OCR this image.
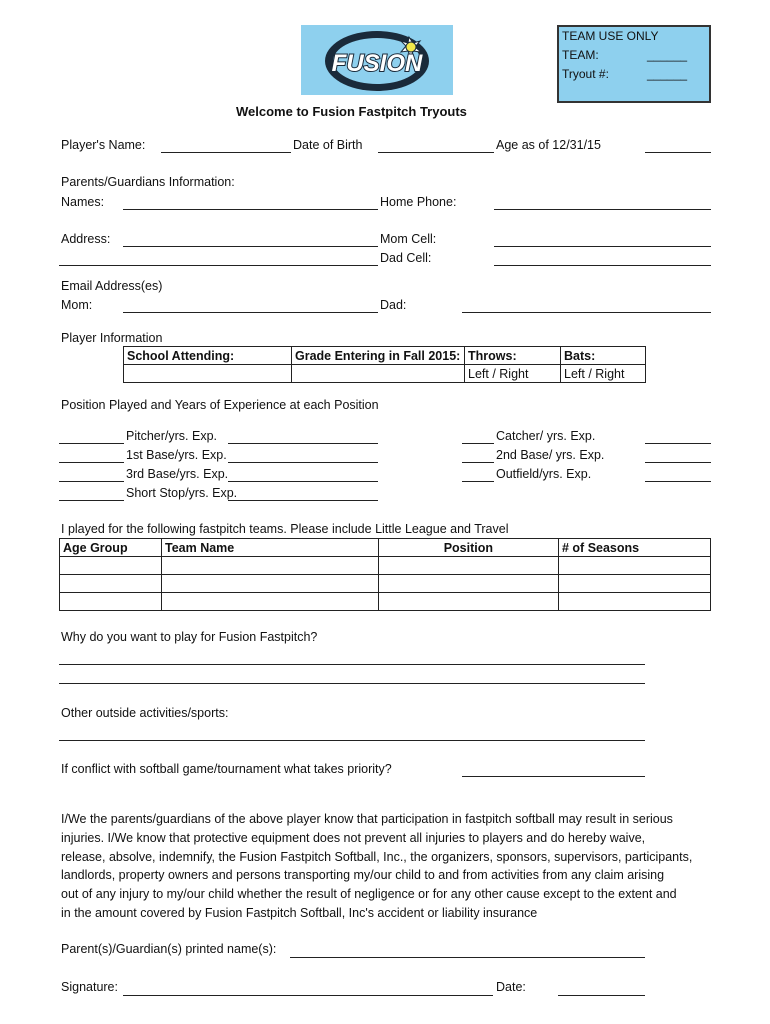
FUSION
TEAM USE ONLY
TEAM:	______
Tryout #:	______
Welcome to Fusion Fastpitch Tryouts
Player's Name:	Date of Birth	Age as of 12/31/15
Parents/Guardians Information:
Names:	Home Phone:
Address:	Mom Cell:
Dad Cell:
Email Address(es)
Mom:	Dad:
Player Information
School Attending:	Grade Entering in Fall 2015:	Throws:	Bats:
		Left / Right	Left / Right
Position Played and Years of Experience at each Position
Pitcher/yrs. Exp.
1st Base/yrs. Exp.
3rd Base/yrs. Exp.
Short Stop/yrs. Exp.
Catcher/ yrs. Exp.
2nd Base/ yrs. Exp.
Outfield/yrs. Exp.
I played for the following fastpitch teams. Please include Little League and Travel
Age Group	Team Name	Position	# of Seasons

Why do you want to play for Fusion Fastpitch?
Other outside activities/sports:
If conflict with softball game/tournament what takes priority?
I/We the parents/guardians of the above player know that participation in fastpitch softball may result in serious
injuries. I/We know that protective equipment does not prevent all injuries to players and do hereby waive,
release, absolve, indemnify, the Fusion Fastpitch Softball, Inc., the organizers, sponsors, supervisors, participants,
landlords, property owners and persons transporting my/our child to and from activities from any claim arising
out of any injury to my/our child whether the result of negligence or for any other cause except to the extent and
in the amount covered by Fusion Fastpitch Softball, Inc's accident or liability insurance
Parent(s)/Guardian(s) printed name(s):
Signature:	Date:
